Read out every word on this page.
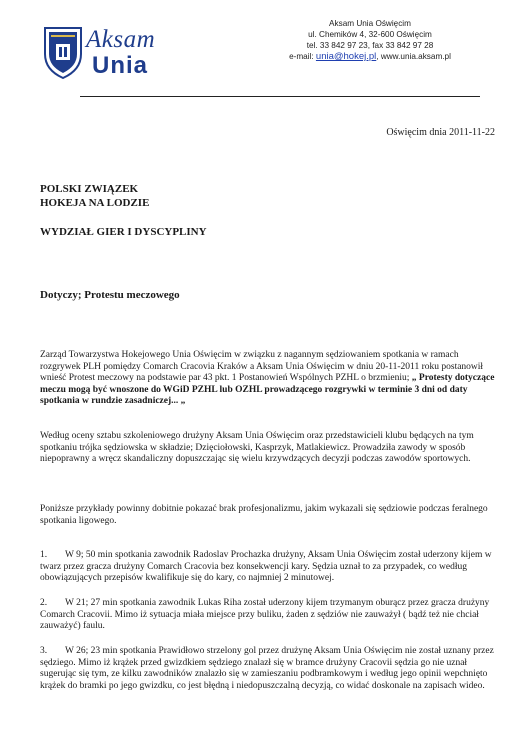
Aksam
Unia
Aksam Unia Oświęcim
ul. Chemików 4, 32-600 Oświęcim
tel. 33 842 97 23, fax 33 842 97 28
e-mail: unia@hokej.pl, www.unia.aksam.pl
Oświęcim dnia 2011-11-22
POLSKI ZWIĄZEK
HOKEJA NA LODZIE
WYDZIAŁ GIER I DYSCYPLINY
Dotyczy; Protestu meczowego
Zarząd Towarzystwa Hokejowego Unia Oświęcim w związku z nagannym sędziowaniem spotkania w ramach rozgrywek PLH pomiędzy Comarch Cracovia Kraków a Aksam Unia Oświęcim w dniu 20-11-2011 roku postanowił wnieść Protest meczowy na podstawie par 43 pkt. 1 Postanowień Wspólnych PZHL o brzmieniu; „ Protesty dotyczące meczu mogą być wnoszone do WGiD PZHL lub OZHL prowadzącego rozgrywki w terminie 3 dni od daty spotkania w rundzie zasadniczej... „
Według oceny sztabu szkoleniowego drużyny Aksam Unia Oświęcim oraz przedstawicieli klubu będących na tym spotkaniu trójka sędziowska w składzie; Dzięciołowski, Kasprzyk, Matlakiewicz. Prowadziła zawody w sposób niepoprawny a wręcz skandaliczny dopuszczając się wielu krzywdzących decyzji podczas zawodów sportowych.
Poniższe przykłady powinny dobitnie pokazać brak profesjonalizmu, jakim wykazali się sędziowie podczas feralnego spotkania ligowego.
1. W 9; 50 min spotkania zawodnik Radoslav Prochazka drużyny, Aksam Unia Oświęcim został uderzony kijem w twarz przez gracza drużyny Comarch Cracovia bez konsekwencji kary. Sędzia uznał to za przypadek, co według obowiązujących przepisów kwalifikuje się do kary, co najmniej 2 minutowej.
2. W 21; 27 min spotkania zawodnik Lukas Riha został uderzony kijem trzymanym oburącz przez gracza drużyny Comarch Cracovii. Mimo iż sytuacja miała miejsce przy buliku, żaden z sędziów nie zauważył ( bądź też nie chciał zauważyć) faulu.
3. W 26; 23 min spotkania Prawidłowo strzelony gol przez drużynę Aksam Unia Oświęcim nie został uznany przez sędziego. Mimo iż krążek przed gwizdkiem sędziego znalazł się w bramce drużyny Cracovii sędzia go nie uznał sugerując się tym, ze kilku zawodników znalazło się w zamieszaniu podbramkowym i według jego opinii wepchnięto krążek do bramki po jego gwizdku, co jest błędną i niedopuszczalną decyzją, co widać doskonale na zapisach wideo.
